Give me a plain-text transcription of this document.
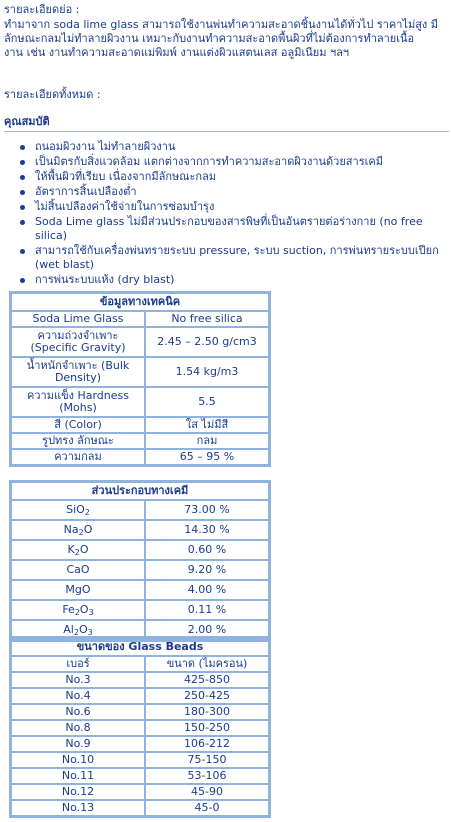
รายละเอียดย่อ :
ทำมาจาก soda lime glass สามารถใช้งานพ่นทำความสะอาดชิ้นงานได้ทั่วไป ราคาไม่สูง มี
ลักษณะกลมไม่ทำลายผิวงาน เหมาะกับงานทำความสะอาดพื้นผิวที่ไม่ต้องการทำลายเนื้อ
งาน เช่น งานทำความสะอาดแม่พิมพ์ งานแต่งผิวแสตนเลส อลูมิเนียม ฯลฯ
รายละเอียดทั้งหมด :
คุณสมบัติ
ถนอมผิวงาน ไม่ทำลายผิวงาน
เป็นมิตรกับสิ่งแวดล้อม แตกต่างจากการทำความสะอาดผิวงานด้วยสารเคมี
ให้พื้นผิวที่เรียบ เนื่องจากมีลักษณะกลม
อัตราการสิ้นเปลืองต่ำ
ไม่สิ้นเปลืองค่าใช้จ่ายในการซ่อมบำรุง
Soda Lime glass ไม่มีส่วนประกอบของสารพิษที่เป็นอันตรายต่อร่างกาย (no free silica)
สามารถใช้กับเครื่องพ่นทรายระบบ pressure, ระบบ suction, การพ่นทรายระบบเปียก (wet blast)
การพ่นระบบแห้ง (dry blast)
ข้อมูลทางเทคนิค	
Soda Lime Glass	No free silica
ความถ่วงจำเพาะ (Specific Gravity)	2.45 – 2.50 g/cm3
น้ำหนักจำเพาะ (Bulk Density)	1.54 kg/m3
ความแข็ง Hardness (Mohs)	5.5
สี (Color)	ใส ไม่มีสี
รูปทรง ลักษณะ	กลม
ความกลม	65 – 95 %
ส่วนประกอบทางเคมี	
SiO$_2$	73.00 %
$Na_2O$	14.30 %
$K_2O$	0.60 %
CaO	9.20 %
MgO	4.00 %
$Fe_2O_3$	0.11 %
$Al_2O_3$	2.00 %
ขนาดของ Glass Beads	
เบอร์	ขนาด (ไมครอน)
No.3	425-850
No.4	250-425
No.6	180-300
No.8	150-250
No.9	106-212
No.10	75-150
No.11	53-106
No.12	45-90
No.13	45-0
